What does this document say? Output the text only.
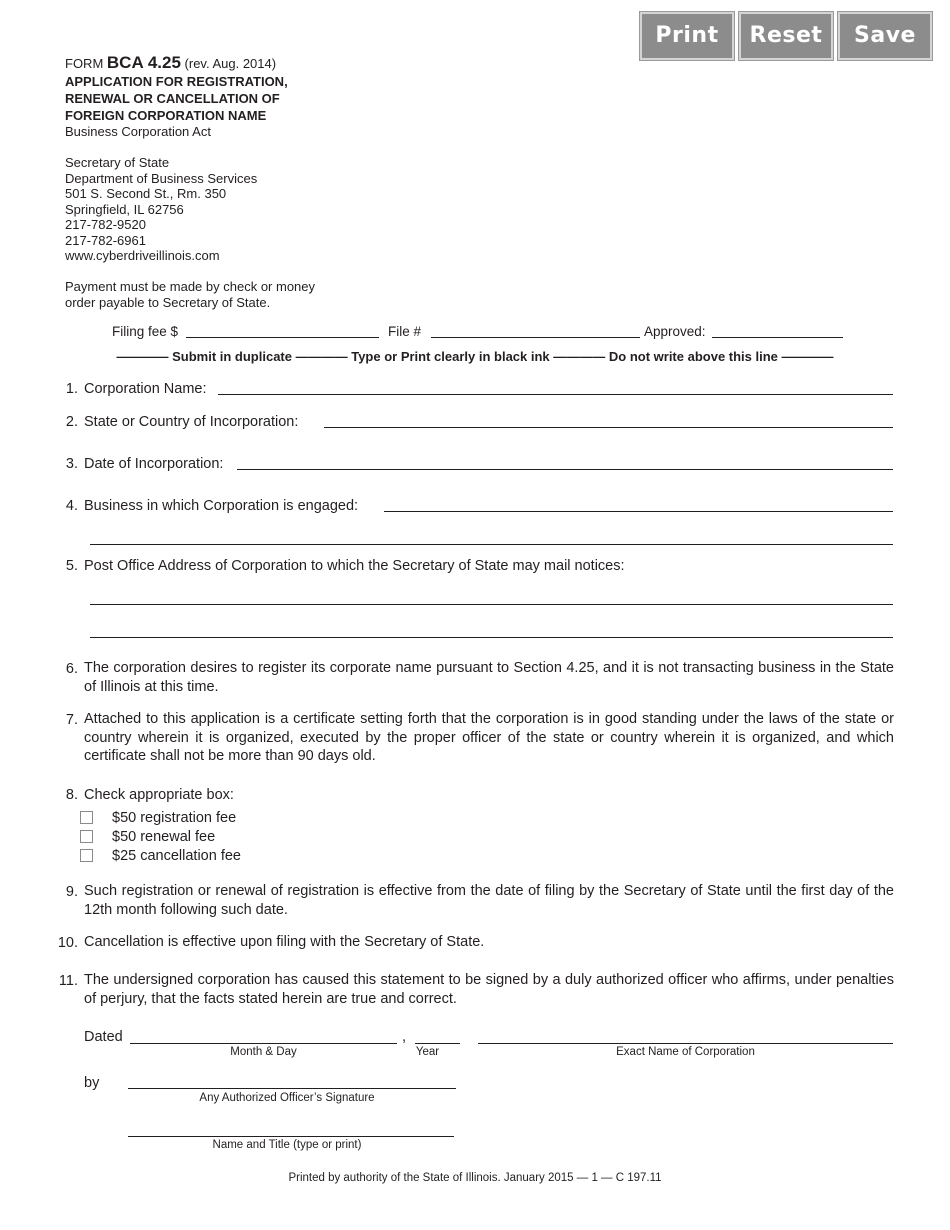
Print	Reset	Save
FORM BCA 4.25 (rev. Aug. 2014)
APPLICATION FOR REGISTRATION,
RENEWAL OR CANCELLATION OF
FOREIGN CORPORATION NAME
Business Corporation Act
Secretary of State
Department of Business Services
501 S. Second St., Rm. 350
Springfield, IL 62756
217-782-9520
217-782-6961
www.cyberdriveillinois.com
Payment must be made by check or money
order payable to Secretary of State.
Filing fee $	File #	Approved:
———— Submit in duplicate ———— Type or Print clearly in black ink ———— Do not write above this line ————
1. Corporation Name:
2. State or Country of Incorporation:
3. Date of Incorporation:
4. Business in which Corporation is engaged:
5. Post Office Address of Corporation to which the Secretary of State may mail notices:
6. The corporation desires to register its corporate name pursuant to Section 4.25, and it is not transacting business in the State of Illinois at this time.
7. Attached to this application is a certificate setting forth that the corporation is in good standing under the laws of the state or country wherein it is organized, executed by the proper officer of the state or country wherein it is organized, and which certificate shall not be more than 90 days old.
8. Check appropriate box:
$50 registration fee
$50 renewal fee
$25 cancellation fee
9. Such registration or renewal of registration is effective from the date of filing by the Secretary of State until the first day of the 12th month following such date.
10. Cancellation is effective upon filing with the Secretary of State.
11. The undersigned corporation has caused this statement to be signed by a duly authorized officer who affirms, under penalties of perjury, that the facts stated herein are true and correct.
Dated	,
Month & Day	Year	Exact Name of Corporation
by
Any Authorized Officer’s Signature
Name and Title (type or print)
Printed by authority of the State of Illinois. January 2015 — 1 — C 197.11
